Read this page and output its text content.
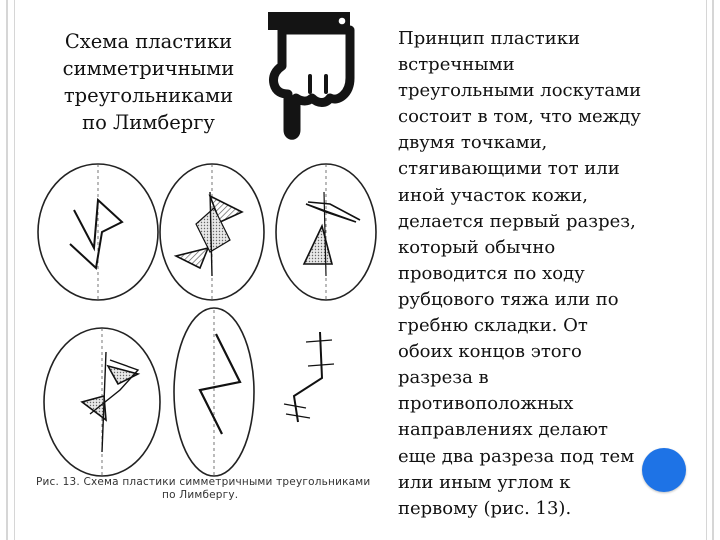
Схема пластики
симметричными
треугольниками
по Лимбергу
Рис. 13. Схема пластики симметричными треугольниками
по Лимбергу.
Принцип пластики
встречными
треугольными лоскутами
состоит в том, что между
двумя точками,
стягивающими тот или
иной участок кожи,
делается первый разрез,
который обычно
проводится по ходу
рубцового тяжа или по
гребню складки. От
обоих концов этого
разреза в
противоположных
направлениях делают
еще два разреза под тем
или иным углом к
первому (рис. 13).
